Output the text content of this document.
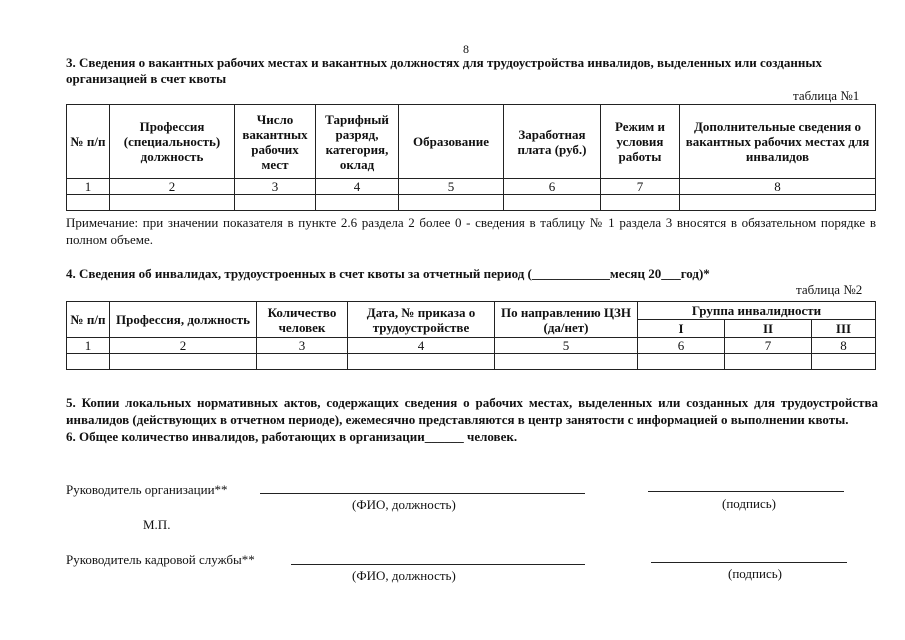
8
3. Сведения о вакантных рабочих местах и вакантных должностях для трудоустройства инвалидов, выделенных или созданных организацией в счет квоты
таблица №1
№ п/п	Профессия (специальность) должность	Число вакантных рабочих мест	Тарифный разряд, категория, оклад	Образование	Заработная плата (руб.)	Режим и условия работы	Дополнительные сведения о вакантных рабочих местах для инвалидов
1	2	3	4	5	6	7	8

Примечание: при значении показателя в пункте 2.6 раздела 2 более 0 - сведения в таблицу № 1 раздела 3 вносятся в обязательном порядке в полном объеме.
4. Сведения об инвалидах, трудоустроенных в счет квоты за отчетный период (____________месяц 20___год)*
таблица №2
№ п/п	Профессия, должность	Количество человек	Дата, № приказа о трудоустройстве	По направлению ЦЗН (да/нет)	Группа инвалидности		
					I	II	III
1	2	3	4	5	6	7	8

5. Копии локальных нормативных актов, содержащих сведения о рабочих местах, выделенных или созданных для трудоустройства инвалидов (действующих в отчетном периоде), ежемесячно представляются в центр занятости с информацией о выполнении квоты.
6. Общее количество инвалидов, работающих в организации______ человек.
Руководитель организации**
(ФИО, должность)	(подпись)
М.П.
Руководитель кадровой службы**
(ФИО, должность)	(подпись)
